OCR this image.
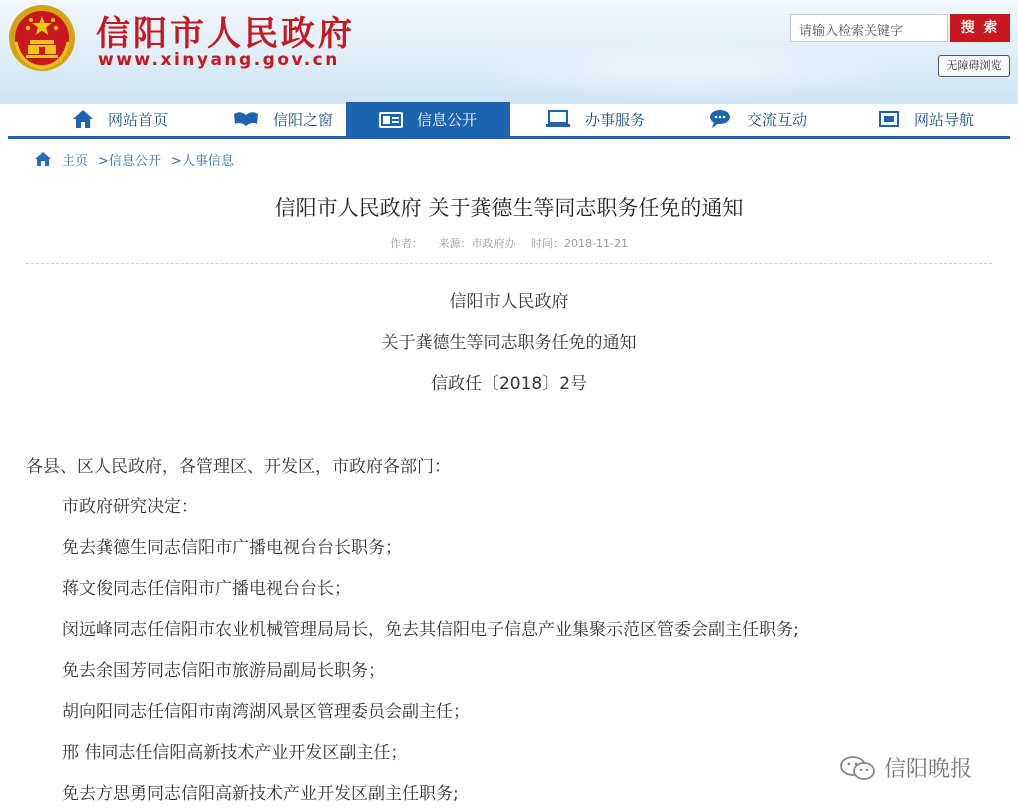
信阳市人民政府
www.xinyang.gov.cn
请输入检索关键字	搜 索
无障碍浏览
网站首页	信阳之窗	信息公开	办事服务	交流互动	网站导航
主页 >信息公开 >人事信息
信阳市人民政府 关于龚德生等同志职务任免的通知
作者： 来源：市政府办 时间：2018-11-21
信阳市人民政府
关于龚德生等同志职务任免的通知
信政任〔2018〕2号
各县、区人民政府，各管理区、开发区，市政府各部门：
市政府研究决定：
免去龚德生同志信阳市广播电视台台长职务；
蒋文俊同志任信阳市广播电视台台长；
闵远峰同志任信阳市农业机械管理局局长，免去其信阳电子信息产业集聚示范区管委会副主任职务;
免去余国芳同志信阳市旅游局副局长职务；
胡向阳同志任信阳市南湾湖风景区管理委员会副主任；
邢 伟同志任信阳高新技术产业开发区副主任；
免去方思勇同志信阳高新技术产业开发区副主任职务;
信阳晚报
